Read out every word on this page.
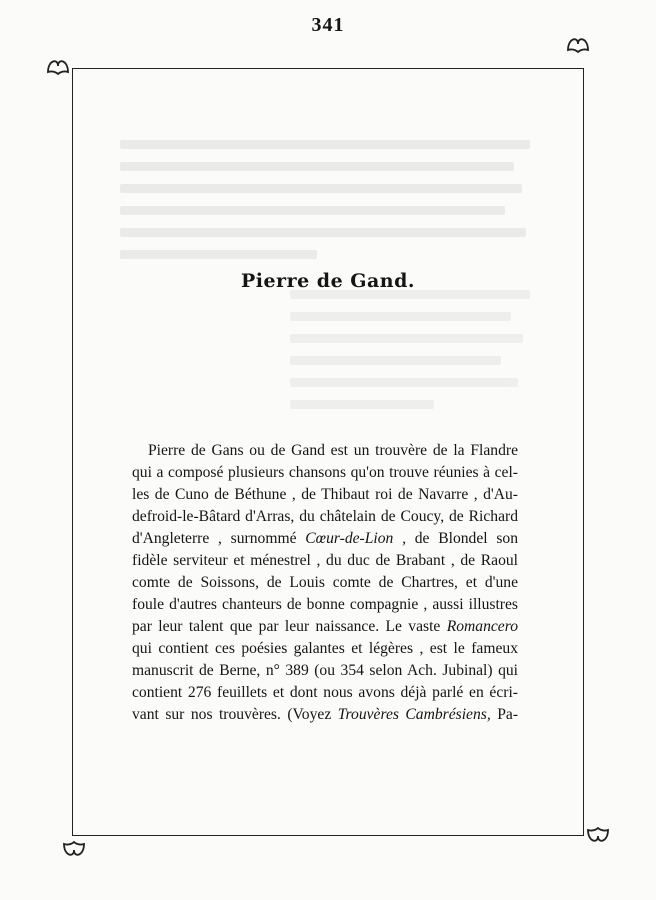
341
Pierre de Gand.
Pierre de Gans ou de Gand est un trouvère de la Flandre
qui a composé plusieurs chansons qu'on trouve réunies à cel-
les de Cuno de Béthune , de Thibaut roi de Navarre , d'Au-
defroid-le-Bâtard d'Arras, du châtelain de Coucy, de Richard
d'Angleterre , surnommé Cœur-de-Lion , de Blondel son
fidèle serviteur et ménestrel , du duc de Brabant , de Raoul
comte de Soissons, de Louis comte de Chartres, et d'une
foule d'autres chanteurs de bonne compagnie , aussi illustres
par leur talent que par leur naissance. Le vaste Romancero
qui contient ces poésies galantes et légères , est le fameux
manuscrit de Berne, n° 389 (ou 354 selon Ach. Jubinal) qui
contient 276 feuillets et dont nous avons déjà parlé en écri-
vant sur nos trouvères. (Voyez Trouvères Cambrésiens, Pa-
